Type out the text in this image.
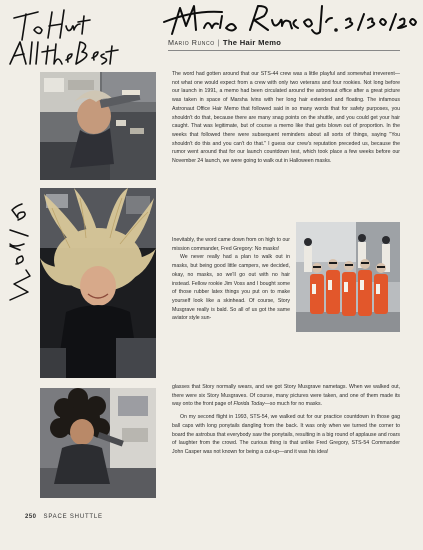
Mario Runco | The Hair Memo

The word had gotten around that our STS-44 crew was a little playful and somewhat irreverent—not what one would expect from a crew with only two veterans and four rookies. Not long before our launch in 1991, a memo had been circulated around the astronaut office after a great picture was taken in space of Marsha Ivins with her long hair extended and floating. The infamous Astronaut Office Hair Memo that followed said in so many words that for safety purposes, you shouldn't do that, because there are many snag points on the shuttle, and you could get your hair caught. That was legitimate, but of course a memo like that gets blown out of proportion. In the weeks that followed there were subsequent reminders about all sorts of things, saying "You shouldn't do this and you can't do that." I guess our crew's reputation preceded us, because the rumor went around that for our launch countdown test, which took place a few weeks before our November 24 launch, we were going to walk out in Halloween masks.

Inevitably, the word came down from on high to our mission commander, Fred Gregory: No masks!

We never really had a plan to walk out in masks, but being good little campers, we decided, okay, no masks, so we'll go out with no hair instead. Fellow rookie Jim Voss and I bought some of those rubber latex things you put on to make yourself look like a skinhead. Of course, Story Musgrave really is bald. So all of us got the same aviator style sun-

glasses that Story normally wears, and we got Story Musgrave nametags. When we walked out, there were six Story Musgraves. Of course, many pictures were taken, and one of them made its way onto the front page of Florida Today—so much for no masks.

On my second flight in 1993, STS-54, we walked out for our practice countdown in those gag ball caps with long ponytails dangling from the back. It was only when we turned the corner to board the astrobus that everybody saw the ponytails, resulting in a big round of applause and roars of laughter from the crowd. The curious thing is that unlike Fred Gregory, STS-54 Commander John Casper was not known for being a cut-up—and it was his idea!

250 SPACE SHUTTLE
